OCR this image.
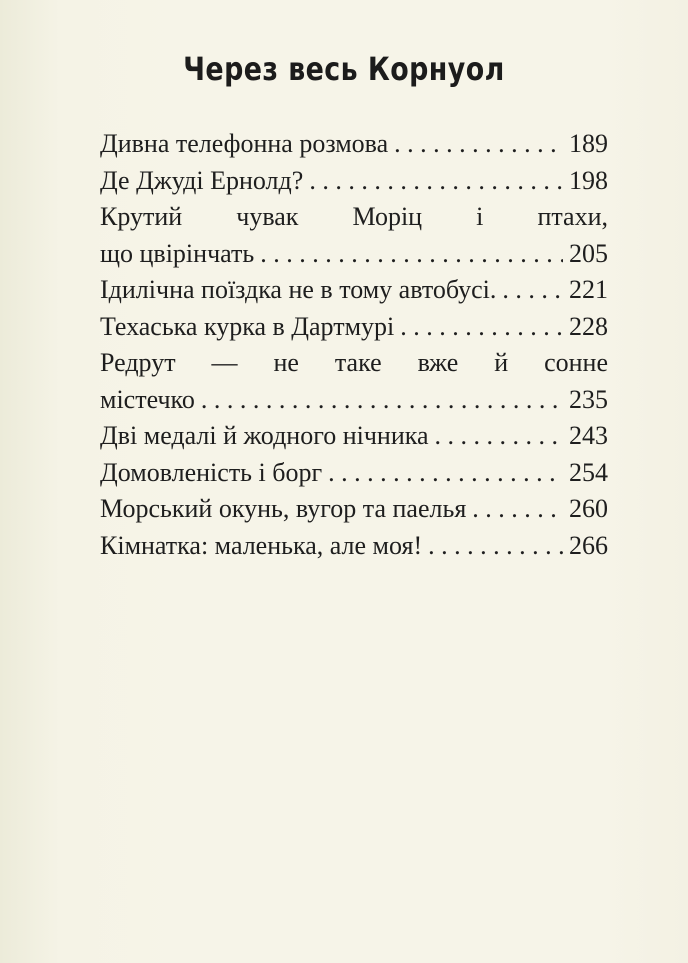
Через весь Корнуол
Дивна телефонна розмова . . .	189
Де Джуді Ернолд? . . .	198
Крутий чувак Моріц і птахи,
що цвірінчать . . .	205
Ідилічна поїздка не в тому автобусі. . . .	221
Техаська курка в Дартмурі . . .	228
Редрут — не таке вже й сонне
містечко . . .	235
Дві медалі й жодного нічника . . .	243
Домовленість і борг . . .	254
Морський окунь, вугор та паелья . . .	260
Кімнатка: маленька, але моя! . . .	266
